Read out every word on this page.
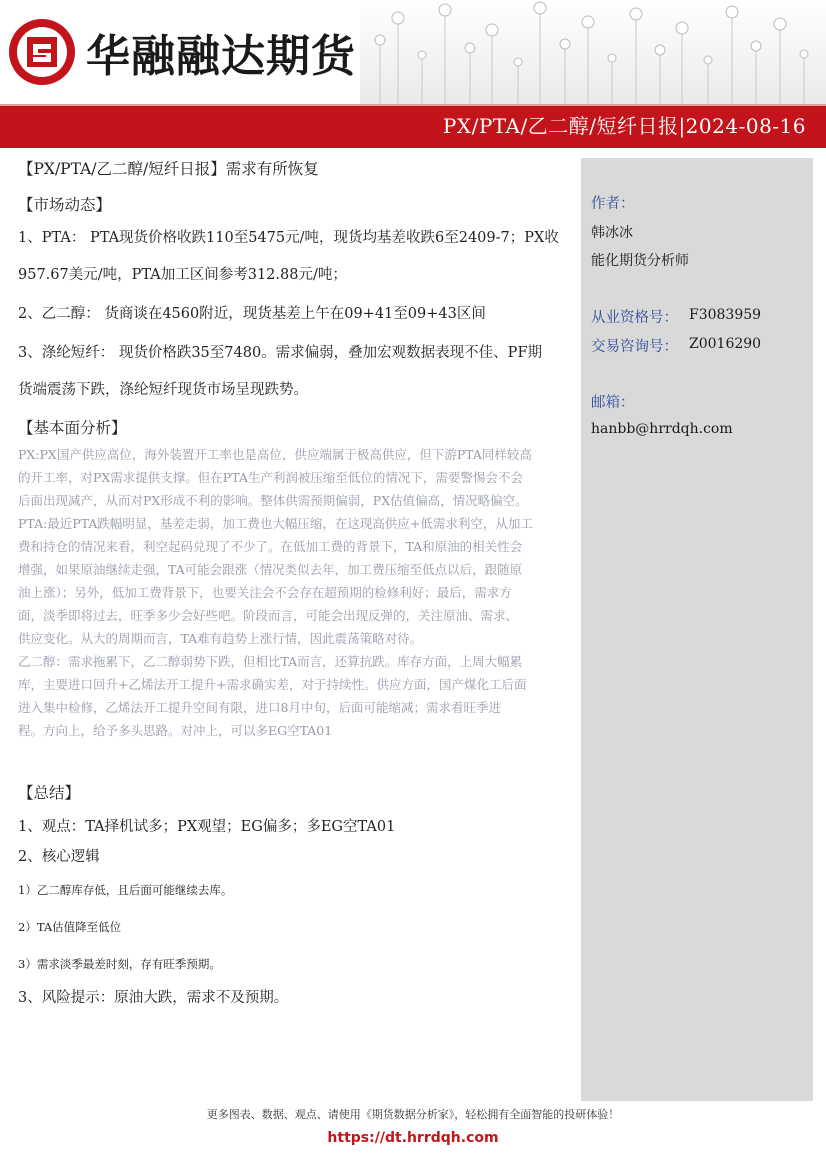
华融融达期货
PX/PTA/乙二醇/短纤日报|2024-08-16
【PX/PTA/乙二醇/短纤日报】需求有所恢复
【市场动态】
1、PTA： PTA现货价格收跌110至5475元/吨，现货均基差收跌6至2409-7；PX收
957.67美元/吨，PTA加工区间参考312.88元/吨；
2、乙二醇： 货商谈在4560附近，现货基差上午在09+41至09+43区间
3、涤纶短纤： 现货价格跌35至7480。需求偏弱，叠加宏观数据表现不佳、PF期
货端震荡下跌，涤纶短纤现货市场呈现跌势。
【基本面分析】

PX:PX国产供应高位，海外装置开工率也是高位，供应端属于极高供应，但下游PTA同样较高

的开工率，对PX需求提供支撑。但在PTA生产利润被压缩至低位的情况下，需要警惕会不会

后面出现减产，从而对PX形成不利的影响。整体供需预期偏弱，PX估值偏高，情况略偏空。

PTA:最近PTA跌幅明显，基差走弱，加工费也大幅压缩，在这现高供应+低需求利空，从加工

费和持仓的情况来看，利空起码兑现了不少了。在低加工费的背景下，TA和原油的相关性会

增强，如果原油继续走强，TA可能会跟涨（情况类似去年，加工费压缩至低点以后，跟随原

油上涨）；另外，低加工费背景下，也要关注会不会存在超预期的检修利好；最后，需求方

面，淡季即将过去，旺季多少会好些吧。阶段而言，可能会出现反弹的，关注原油、需求、

供应变化。从大的周期而言，TA难有趋势上涨行情，因此震荡策略对待。

乙二醇：需求拖累下，乙二醇弱势下跌，但相比TA而言，还算抗跌。库存方面，上周大幅累

库，主要进口回升+乙烯法开工提升+需求确实差，对于持续性。供应方面，国产煤化工后面

进入集中检修，乙烯法开工提升空间有限，进口8月中旬，后面可能缩减；需求看旺季进

程。方向上，给予多头思路。对冲上，可以多EG空TA01

【总结】
1、观点：TA择机试多；PX观望；EG偏多；多EG空TA01
2、核心逻辑
1）乙二醇库存低，且后面可能继续去库。
2）TA估值降至低位
3）需求淡季最差时刻，存有旺季预期。
3、风险提示：原油大跌，需求不及预期。
作者：
韩冰冰
能化期货分析师
从业资格号： F3083959
交易咨询号： Z0016290
邮箱：
hanbb@hrrdqh.com
更多图表、数据、观点、请使用《期货数据分析家》，轻松拥有全面智能的投研体验！
https://dt.hrrdqh.com
